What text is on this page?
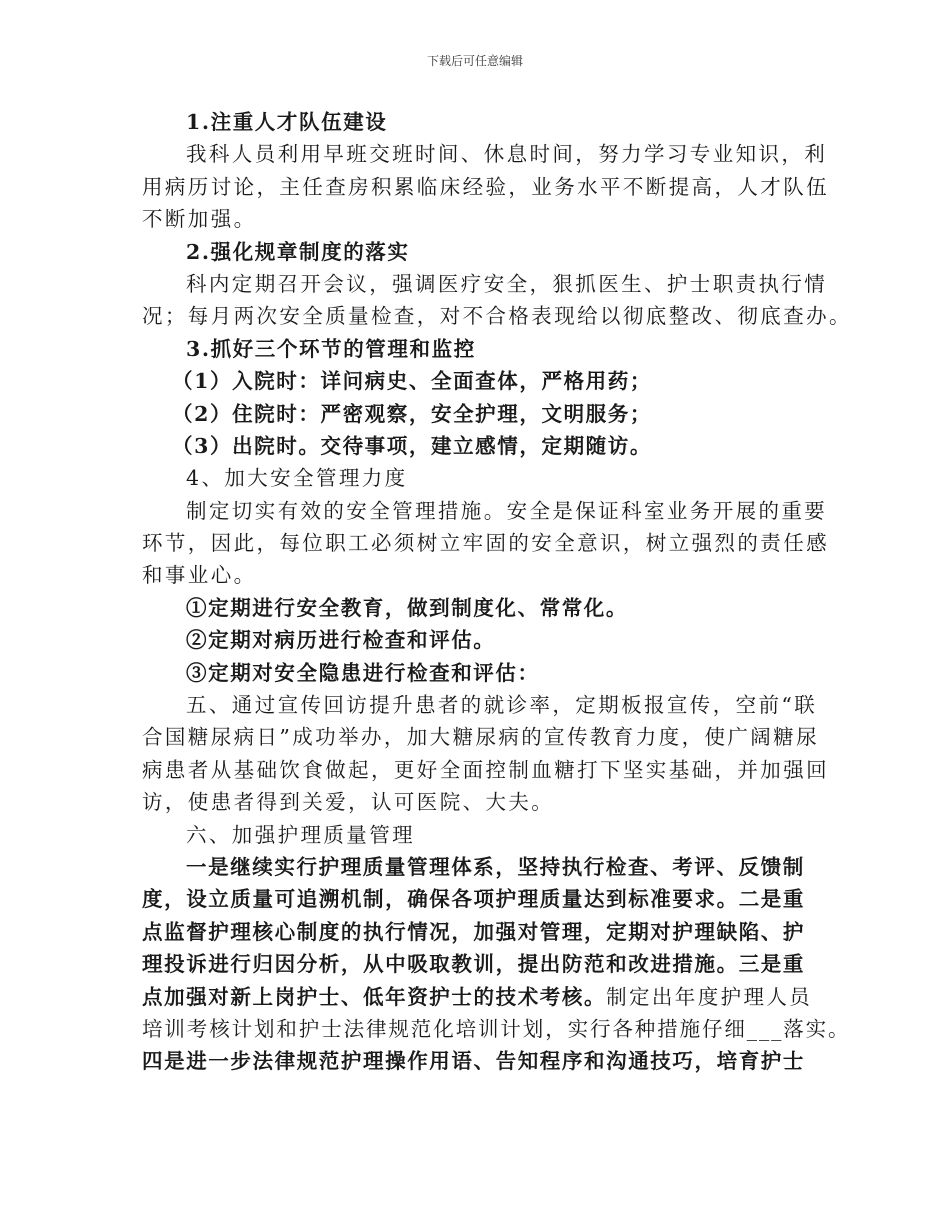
下载后可任意编辑
1.注重人才队伍建设
我科人员利用早班交班时间、休息时间，努力学习专业知识，利
用病历讨论，主任查房积累临床经验，业务水平不断提高，人才队伍
不断加强。
2.强化规章制度的落实
科内定期召开会议，强调医疗安全，狠抓医生、护士职责执行情
况；每月两次安全质量检查，对不合格表现给以彻底整改、彻底查办。
3.抓好三个环节的管理和监控
（1）入院时：详问病史、全面查体，严格用药；
（2）住院时：严密观察，安全护理，文明服务；
（3）出院时。交待事项，建立感情，定期随访。
4、加大安全管理力度
制定切实有效的安全管理措施。安全是保证科室业务开展的重要
环节，因此，每位职工必须树立牢固的安全意识，树立强烈的责任感
和事业心。
①定期进行安全教育，做到制度化、常常化。
②定期对病历进行检查和评估。
③定期对安全隐患进行检查和评估：
五、通过宣传回访提升患者的就诊率，定期板报宣传，空前“联
合国糖尿病日”成功举办，加大糖尿病的宣传教育力度，使广阔糖尿
病患者从基础饮食做起，更好全面控制血糖打下坚实基础，并加强回
访，使患者得到关爱，认可医院、大夫。
六、加强护理质量管理
一是继续实行护理质量管理体系，坚持执行检查、考评、反馈制
度，设立质量可追溯机制，确保各项护理质量达到标准要求。二是重
点监督护理核心制度的执行情况，加强对管理，定期对护理缺陷、护
理投诉进行归因分析，从中吸取教训，提出防范和改进措施。三是重
点加强对新上岗护士、低年资护士的技术考核。制定出年度护理人员
培训考核计划和护士法律规范化培训计划，实行各种措施仔细___落实。
四是进一步法律规范护理操作用语、告知程序和沟通技巧，培育护士
